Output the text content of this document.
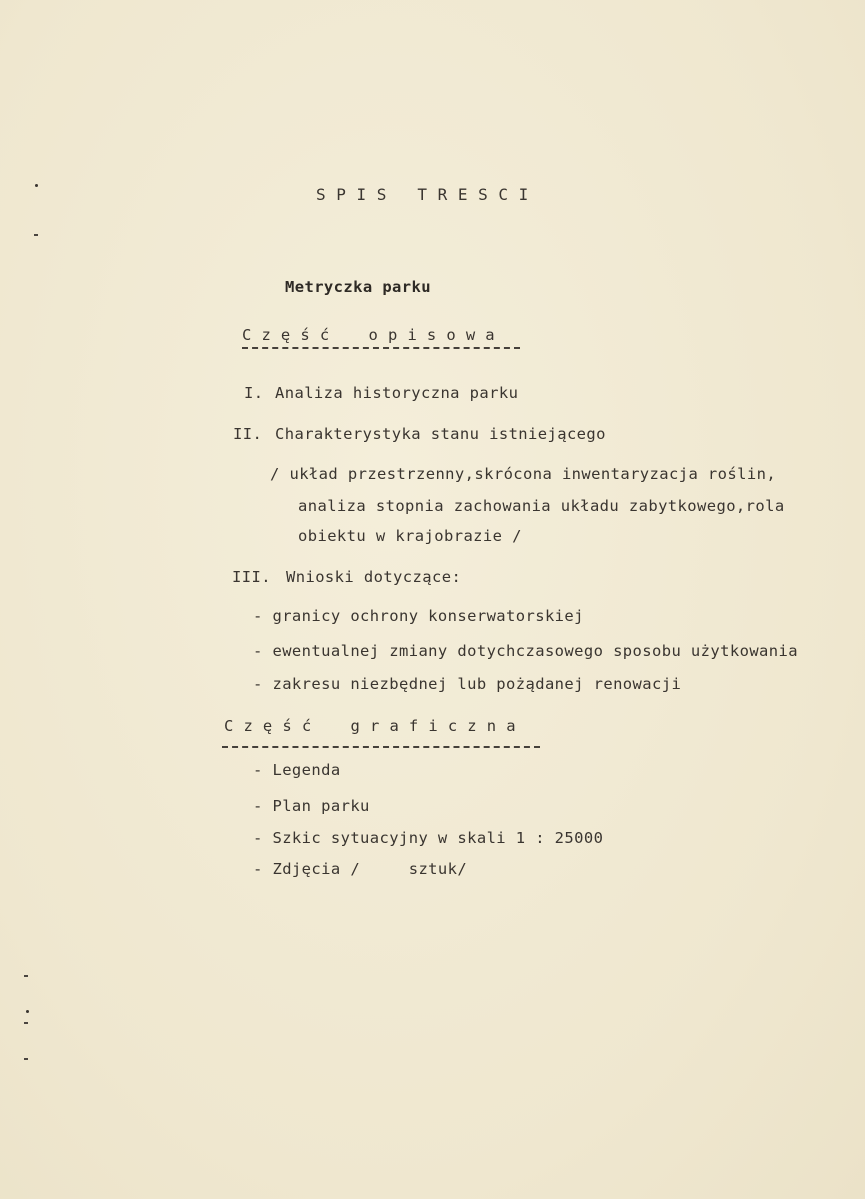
S P I S   T R E S C I
Metryczka parku
C z ę ś ć    o p i s o w a
I. Analiza historyczna parku
II. Charakterystyka stanu istniejącego
/ układ przestrzenny,skrócona inwentaryzacja roślin,
analiza stopnia zachowania układu zabytkowego,rola
obiektu w krajobrazie /
III. Wnioski dotyczące:
- granicy ochrony konserwatorskiej
- ewentualnej zmiany dotychczasowego sposobu użytkowania
- zakresu niezbędnej lub pożądanej renowacji
C z ę ś ć    g r a f i c z n a
- Legenda
- Plan parku
- Szkic sytuacyjny w skali 1 : 25000
- Zdjęcia /     sztuk/
